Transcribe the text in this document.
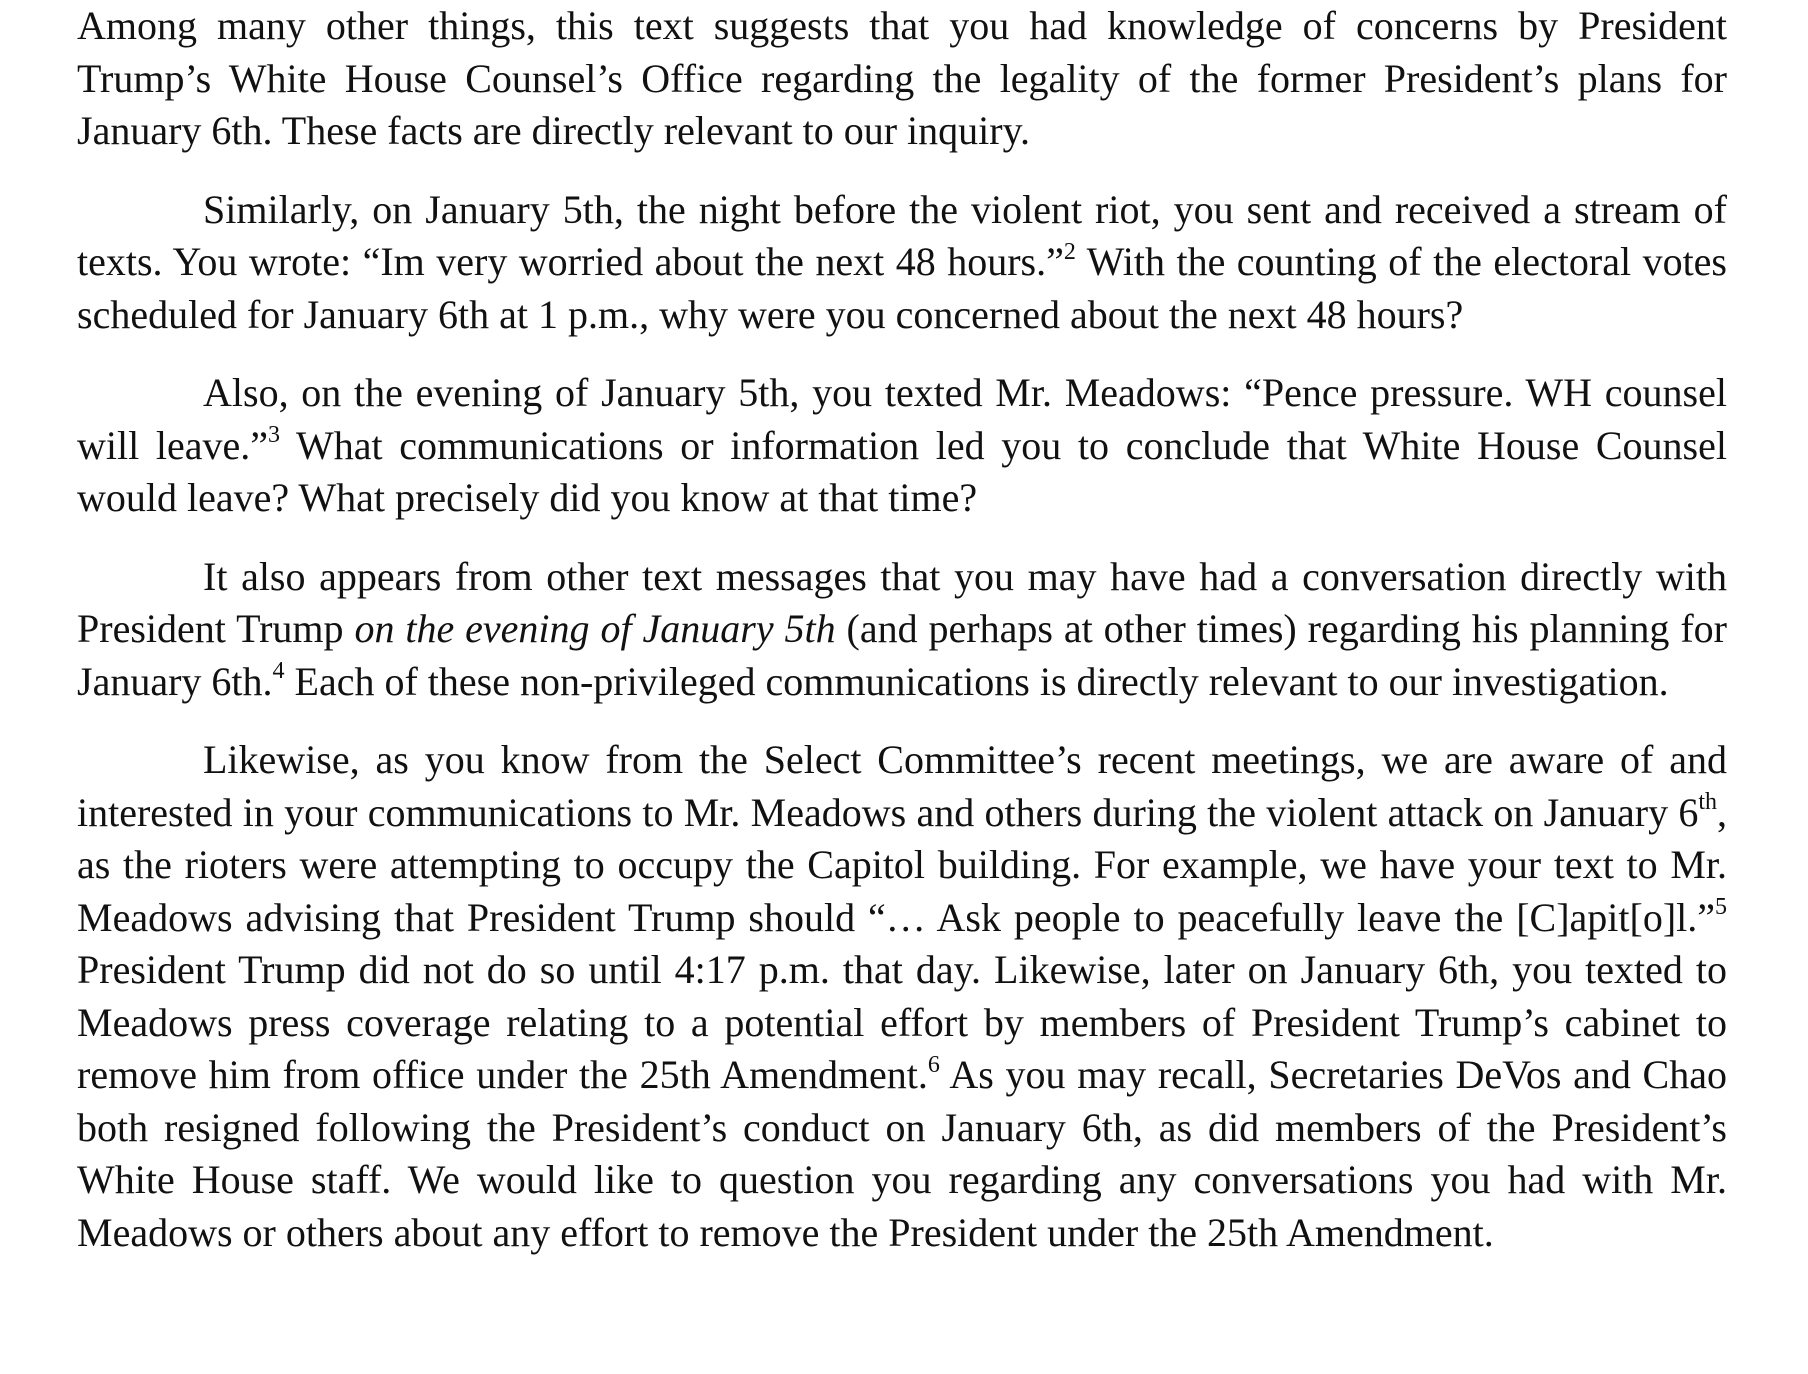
Among many other things, this text suggests that you had knowledge of concerns by President Trump’s White House Counsel’s Office regarding the legality of the former President’s plans for January 6th. These facts are directly relevant to our inquiry.

Similarly, on January 5th, the night before the violent riot, you sent and received a stream of texts. You wrote: “Im very worried about the next 48 hours.”$^2$ With the counting of the electoral votes scheduled for January 6th at 1 p.m., why were you concerned about the next 48 hours?

Also, on the evening of January 5th, you texted Mr. Meadows: “Pence pressure. WH counsel will leave.”$^3$ What communications or information led you to conclude that White House Counsel would leave? What precisely did you know at that time?

It also appears from other text messages that you may have had a conversation directly with President Trump on the evening of January 5th (and perhaps at other times) regarding his planning for January 6th.$^4$ Each of these non-privileged communications is directly relevant to our investigation.

Likewise, as you know from the Select Committee’s recent meetings, we are aware of and interested in your communications to Mr. Meadows and others during the violent attack on January 6th, as the rioters were attempting to occupy the Capitol building. For example, we have your text to Mr. Meadows advising that President Trump should “… Ask people to peacefully leave the [C]apit[o]l.”$^5$ President Trump did not do so until 4:17 p.m. that day. Likewise, later on January 6th, you texted to Meadows press coverage relating to a potential effort by members of President Trump’s cabinet to remove him from office under the 25th Amendment.$^6$ As you may recall, Secretaries DeVos and Chao both resigned following the President’s conduct on January 6th, as did members of the President’s White House staff. We would like to question you regarding any conversations you had with Mr. Meadows or others about any effort to remove the President under the 25th Amendment.
